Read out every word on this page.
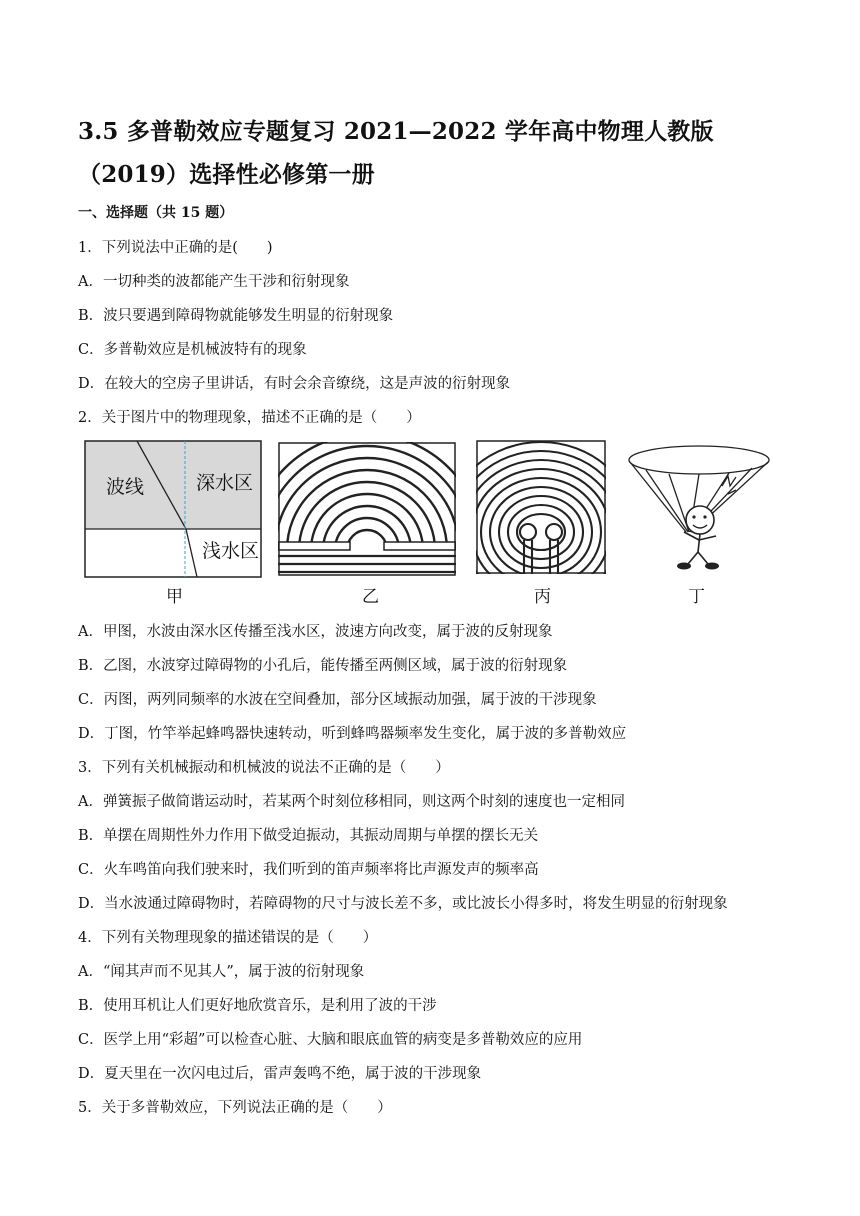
3.5 多普勒效应专题复习 2021—2022 学年高中物理人教版（2019）选择性必修第一册
一、选择题（共 15 题）
1．下列说法中正确的是(　　)
A．一切种类的波都能产生干涉和衍射现象
B．波只要遇到障碍物就能够发生明显的衍射现象
C．多普勒效应是机械波特有的现象
D．在较大的空房子里讲话，有时会余音缭绕，这是声波的衍射现象
2．关于图片中的物理现象，描述不正确的是（　　）
波线	深水区
浅水区
甲	乙	丙	丁
A．甲图，水波由深水区传播至浅水区，波速方向改变，属于波的反射现象
B．乙图，水波穿过障碍物的小孔后，能传播至两侧区域，属于波的衍射现象
C．丙图，两列同频率的水波在空间叠加，部分区域振动加强，属于波的干涉现象
D．丁图，竹竿举起蜂鸣器快速转动，听到蜂鸣器频率发生变化，属于波的多普勒效应
3．下列有关机械振动和机械波的说法不正确的是（　　）
A．弹簧振子做简谐运动时，若某两个时刻位移相同，则这两个时刻的速度也一定相同
B．单摆在周期性外力作用下做受迫振动，其振动周期与单摆的摆长无关
C．火车鸣笛向我们驶来时，我们听到的笛声频率将比声源发声的频率高
D．当水波通过障碍物时，若障碍物的尺寸与波长差不多，或比波长小得多时，将发生明显的衍射现象
4．下列有关物理现象的描述错误的是（　　）
A．“闻其声而不见其人”，属于波的衍射现象
B．使用耳机让人们更好地欣赏音乐，是利用了波的干涉
C．医学上用“彩超”可以检查心脏、大脑和眼底血管的病变是多普勒效应的应用
D．夏天里在一次闪电过后，雷声轰鸣不绝，属于波的干涉现象
5．关于多普勒效应，下列说法正确的是（　　）
